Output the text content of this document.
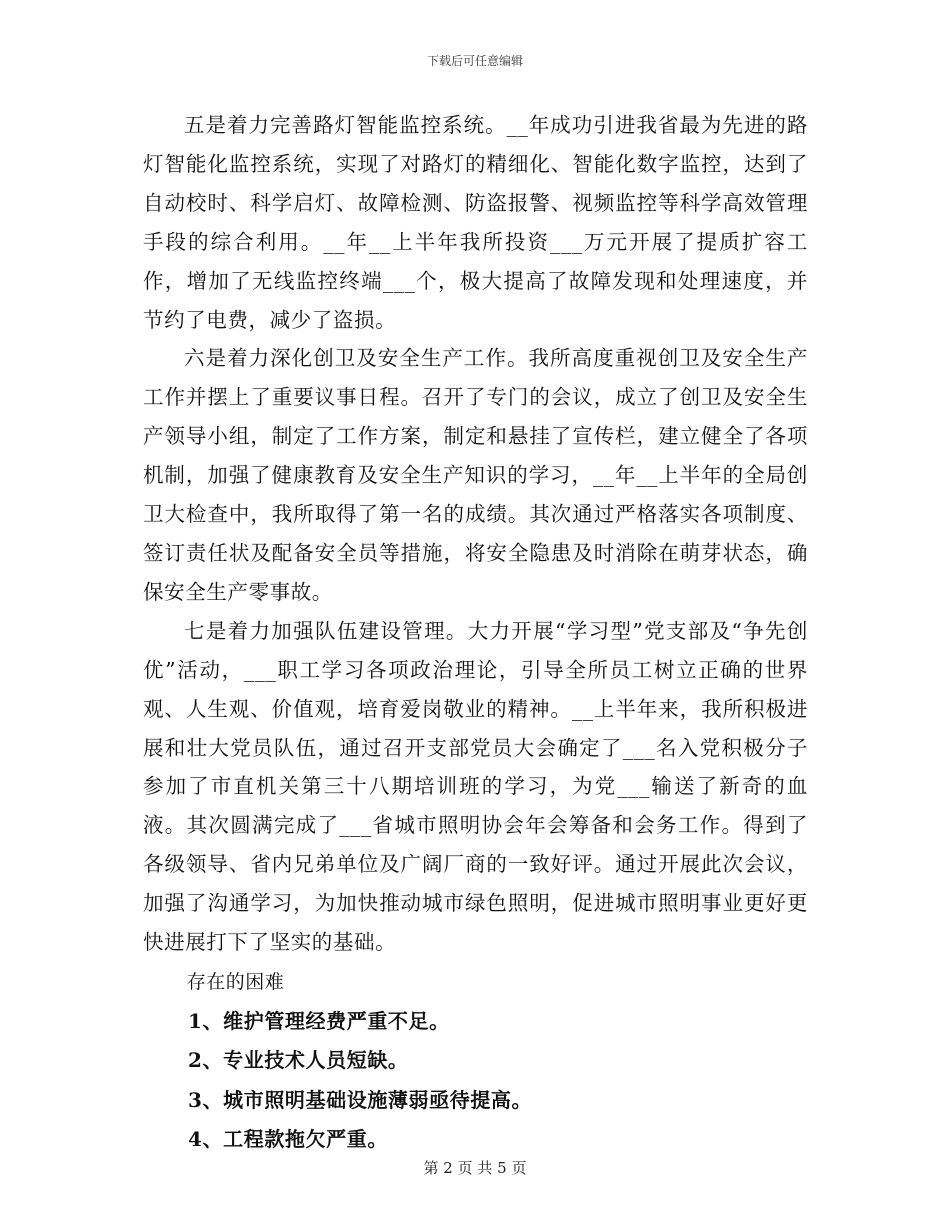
下载后可任意编辑

五是着力完善路灯智能监控系统。__年成功引进我省最为先进的路灯智能化监控系统，实现了对路灯的精细化、智能化数字监控，达到了自动校时、科学启灯、故障检测、防盗报警、视频监控等科学高效管理手段的综合利用。__年__上半年我所投资___万元开展了提质扩容工作，增加了无线监控终端___个，极大提高了故障发现和处理速度，并节约了电费，减少了盗损。

六是着力深化创卫及安全生产工作。我所高度重视创卫及安全生产工作并摆上了重要议事日程。召开了专门的会议，成立了创卫及安全生产领导小组，制定了工作方案，制定和悬挂了宣传栏，建立健全了各项机制，加强了健康教育及安全生产知识的学习，__年__上半年的全局创卫大检查中，我所取得了第一名的成绩。其次通过严格落实各项制度、签订责任状及配备安全员等措施，将安全隐患及时消除在萌芽状态，确保安全生产零事故。

七是着力加强队伍建设管理。大力开展“学习型”党支部及“争先创优”活动，___职工学习各项政治理论，引导全所员工树立正确的世界观、人生观、价值观，培育爱岗敬业的精神。__上半年来，我所积极进展和壮大党员队伍，通过召开支部党员大会确定了___名入党积极分子参加了市直机关第三十八期培训班的学习，为党___输送了新奇的血液。其次圆满完成了___省城市照明协会年会筹备和会务工作。得到了各级领导、省内兄弟单位及广阔厂商的一致好评。通过开展此次会议，加强了沟通学习，为加快推动城市绿色照明，促进城市照明事业更好更快进展打下了坚实的基础。

存在的困难

1、维护管理经费严重不足。

2、专业技术人员短缺。

3、城市照明基础设施薄弱亟待提高。

4、工程款拖欠严重。

第 2 页 共 5 页
